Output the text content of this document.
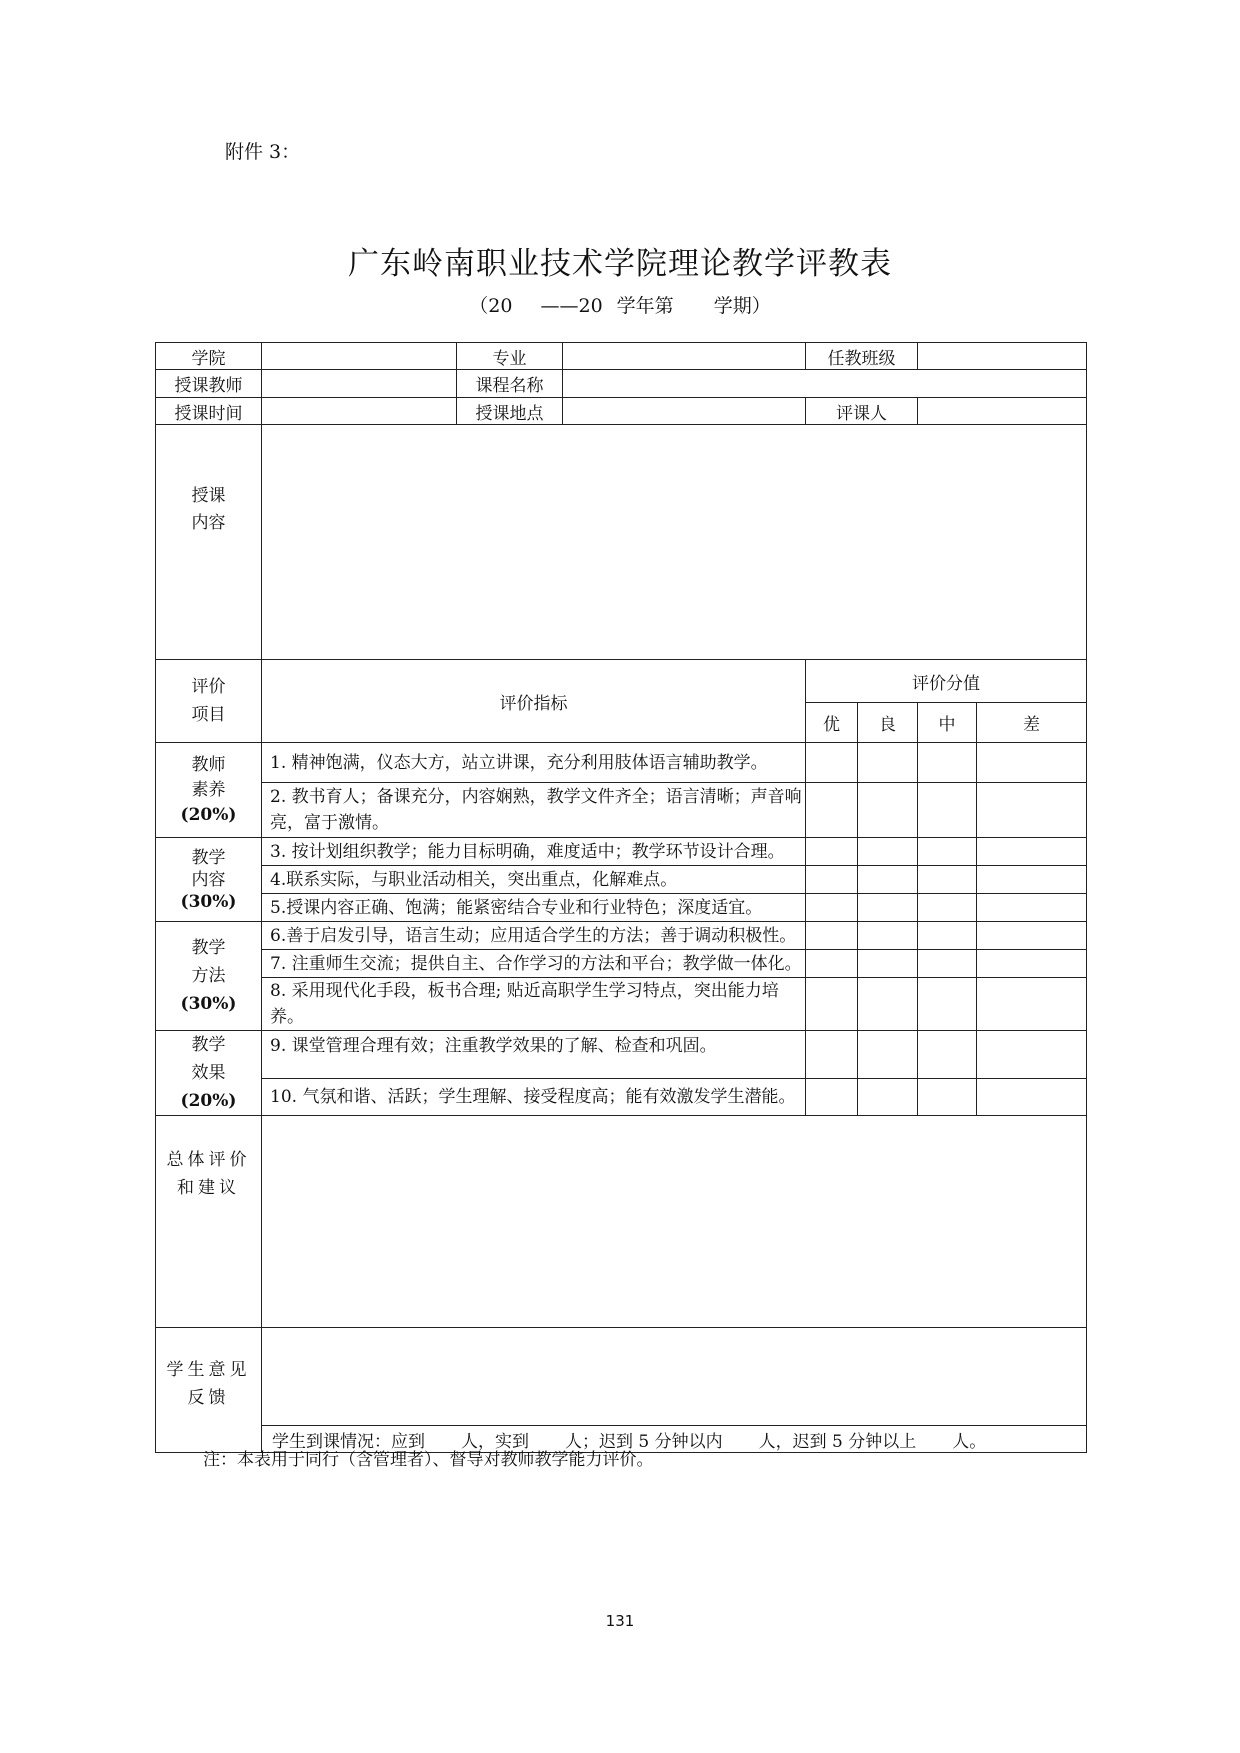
附件 3：
广东岭南职业技术学院理论教学评教表
（20 ——20 学年第 学期）
学院		专业		任教班级			
授课教师		课程名称					
授课时间		授课地点		评课人			

授课
内容							

评价
项目	评价指标			评价分值			
				优	良	中	差

教师
素养
(20%)	1. 精神饱满，仪态大方，站立讲课，充分利用肢体语言辅助教学。						
	2. 教书育人；备课充分，内容娴熟，教学文件齐全；语言清晰；声音响亮，富于激情。						

教学
内容
(30%)	3. 按计划组织教学；能力目标明确，难度适中；教学环节设计合理。						
	4.联系实际，与职业活动相关，突出重点，化解难点。						
	5.授课内容正确、饱满；能紧密结合专业和行业特色；深度适宜。						

教学
方法
(30%)	6.善于启发引导，语言生动；应用适合学生的方法；善于调动积极性。						
	7. 注重师生交流；提供自主、合作学习的方法和平台；教学做一体化。						
	8. 采用现代化手段，板书合理; 贴近高职学生学习特点，突出能力培养。						

教学
效果
(20%)	9. 课堂管理合理有效；注重教学效果的了解、检查和巩固。						
	10. 气氛和谐、活跃；学生理解、接受程度高；能有效激发学生潜能。						

总体评价
和建议							

学生意见
反馈							

	学生到课情况：应到 人，实到 人；迟到 5 分钟以内 人，迟到 5 分钟以上 人。						
注：本表用于同行（含管理者）、督导对教师教学能力评价。
131
